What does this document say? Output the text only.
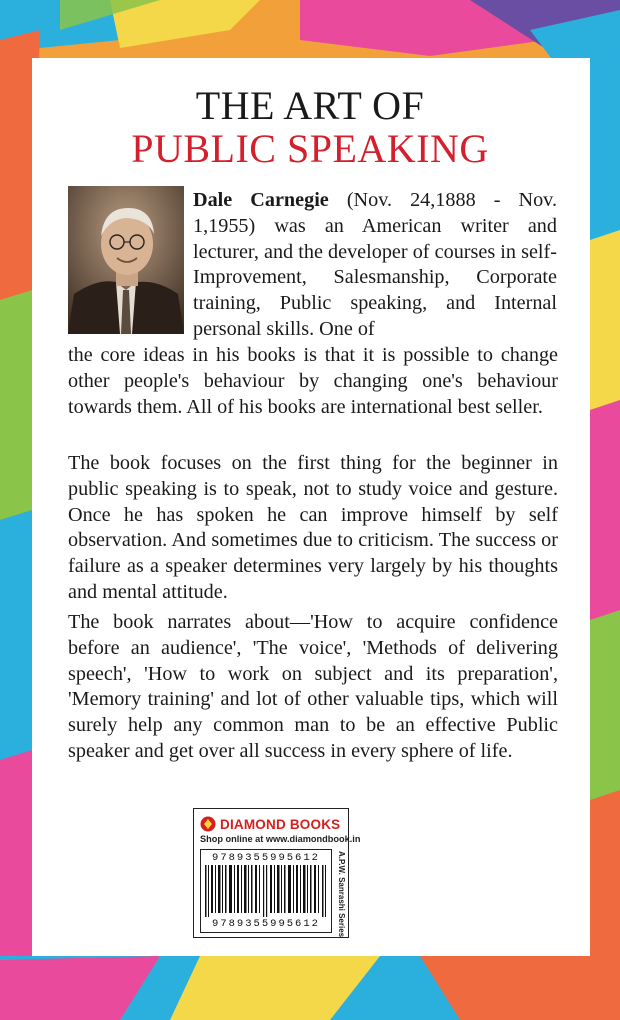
THE ART OF
PUBLIC SPEAKING
Dale Carnegie (Nov. 24,1888 - Nov. 1,1955) was an American writer and lecturer, and the developer of courses in self-Improvement, Salesmanship, Corporate training, Public speaking, and Internal personal skills. One of
the core ideas in his books is that it is possible to change other people's behaviour by changing one's behaviour towards them. All of his books are international best seller.
The book focuses on the first thing for the beginner in public speaking is to speak, not to study voice and gesture. Once he has spoken he can improve himself by self observation. And sometimes due to criticism. The success or failure as a speaker determines very largely by his thoughts and mental attitude.
The book narrates about—'How to acquire confidence before an audience', 'The voice', 'Methods of delivering speech', 'How to work on subject and its preparation', 'Memory training' and lot of other valuable tips, which will surely help any common man to be an effective Public speaker and get over all success in every sphere of life.
DIAMOND BOOKS
Shop online at www.diamondbook.in
9789355995612
9789355995612	A.P.W. Sanrashi Series
